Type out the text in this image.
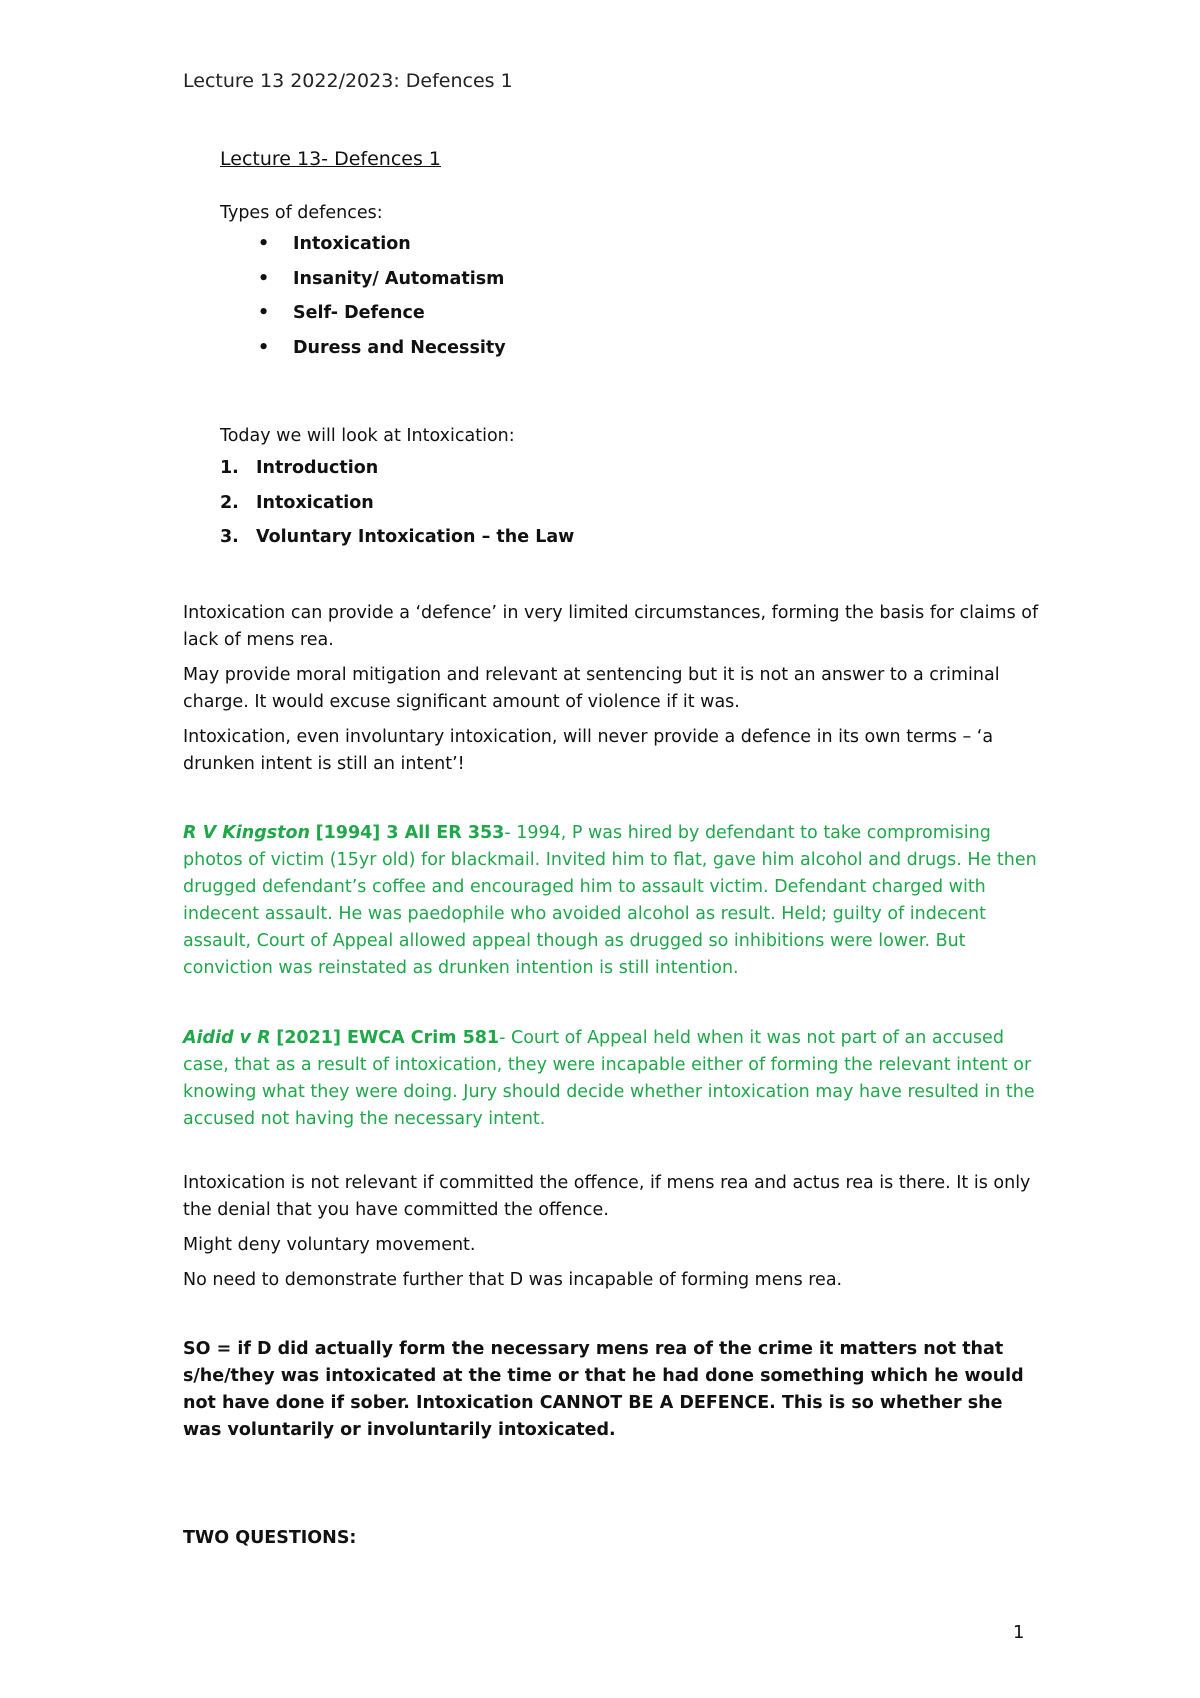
Lecture 13 2022/2023: Defences 1
Lecture 13- Defences 1

Types of defences:

• Intoxication
• Insanity/ Automatism
• Self- Defence
• Duress and Necessity

Today we will look at Intoxication:

1. Introduction
2. Intoxication
3. Voluntary Intoxication – the Law

Intoxication can provide a ‘defence’ in very limited circumstances, forming the basis for claims of lack of mens rea.

May provide moral mitigation and relevant at sentencing but it is not an answer to a criminal charge. It would excuse significant amount of violence if it was.

Intoxication, even involuntary intoxication, will never provide a defence in its own terms – ‘a drunken intent is still an intent’!

R V Kingston [1994] 3 All ER 353- 1994, P was hired by defendant to take compromising photos of victim (15yr old) for blackmail. Invited him to flat, gave him alcohol and drugs. He then drugged defendant’s coffee and encouraged him to assault victim. Defendant charged with indecent assault. He was paedophile who avoided alcohol as result. Held; guilty of indecent assault, Court of Appeal allowed appeal though as drugged so inhibitions were lower. But conviction was reinstated as drunken intention is still intention.

Aidid v R [2021] EWCA Crim 581- Court of Appeal held when it was not part of an accused case, that as a result of intoxication, they were incapable either of forming the relevant intent or knowing what they were doing. Jury should decide whether intoxication may have resulted in the accused not having the necessary intent.

Intoxication is not relevant if committed the offence, if mens rea and actus rea is there. It is only the denial that you have committed the offence.

Might deny voluntary movement.

No need to demonstrate further that D was incapable of forming mens rea.

SO = if D did actually form the necessary mens rea of the crime it matters not that s/he/they was intoxicated at the time or that he had done something which he would not have done if sober. Intoxication CANNOT BE A DEFENCE. This is so whether she was voluntarily or involuntarily intoxicated.

TWO QUESTIONS:

1
